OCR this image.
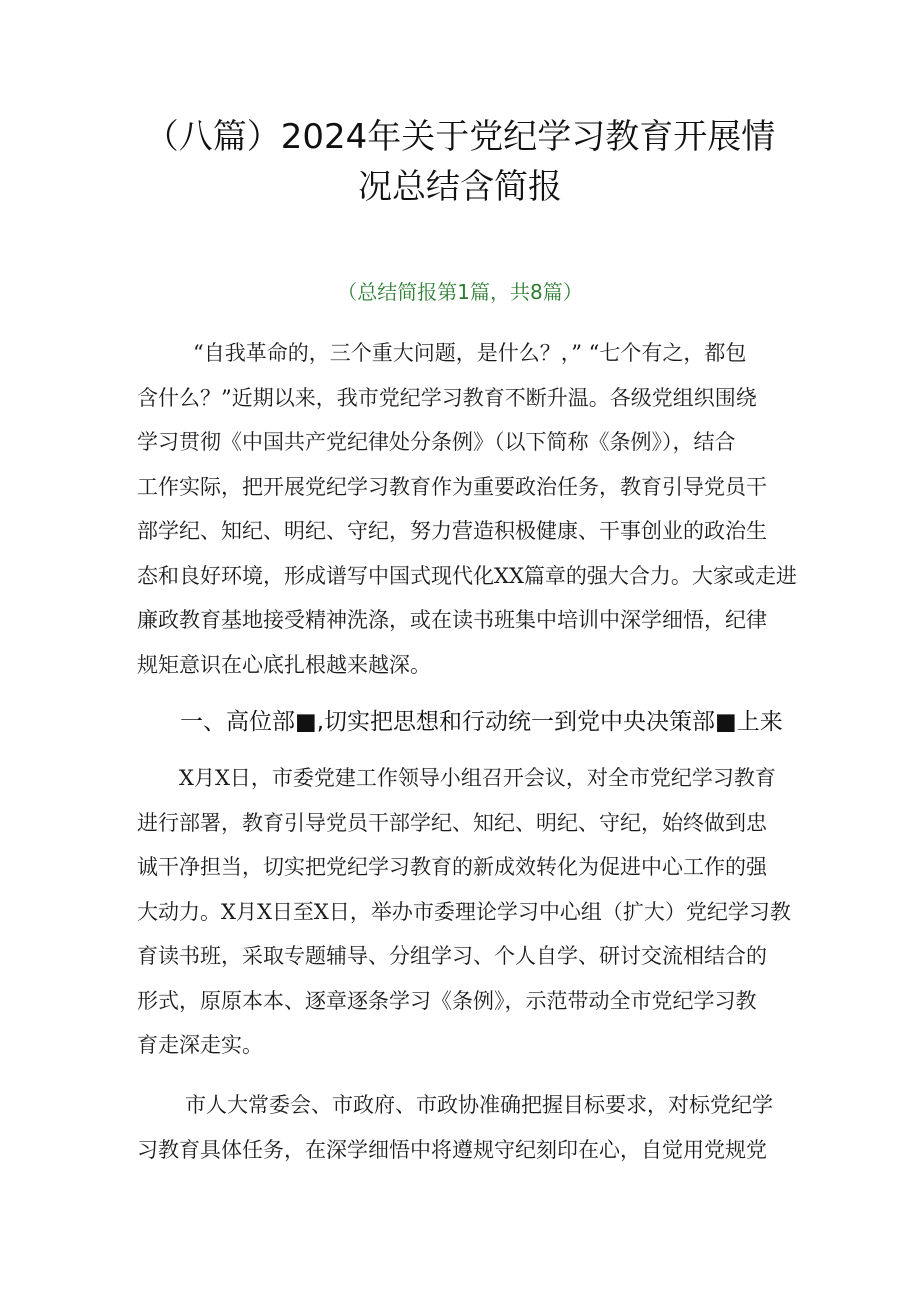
（八篇）2024年关于党纪学习教育开展情
况总结含简报
（总结简报第1篇，共8篇）
“自我革命的，三个重大问题，是什么？，” “七个有之，都包
含什么？”近期以来，我市党纪学习教育不断升温。各级党组织围绕
学习贯彻《中国共产党纪律处分条例》（以下简称《条例》），结合
工作实际，把开展党纪学习教育作为重要政治任务，教育引导党员干
部学纪、知纪、明纪、守纪，努力营造积极健康、干事创业的政治生
态和良好环境，形成谱写中国式现代化XX篇章的强大合力。大家或走进
廉政教育基地接受精神洗涤，或在读书班集中培训中深学细悟，纪律
规矩意识在心底扎根越来越深。
一、高位部■,切实把思想和行动统一到党中央决策部■上来
X月X日，市委党建工作领导小组召开会议，对全市党纪学习教育
进行部署，教育引导党员干部学纪、知纪、明纪、守纪，始终做到忠
诚干净担当，切实把党纪学习教育的新成效转化为促进中心工作的强
大动力。X月X日至X日，举办市委理论学习中心组（扩大）党纪学习教
育读书班，采取专题辅导、分组学习、个人自学、研讨交流相结合的
形式，原原本本、逐章逐条学习《条例》，示范带动全市党纪学习教
育走深走实。
市人大常委会、市政府、市政协准确把握目标要求，对标党纪学
习教育具体任务，在深学细悟中将遵规守纪刻印在心，自觉用党规党
